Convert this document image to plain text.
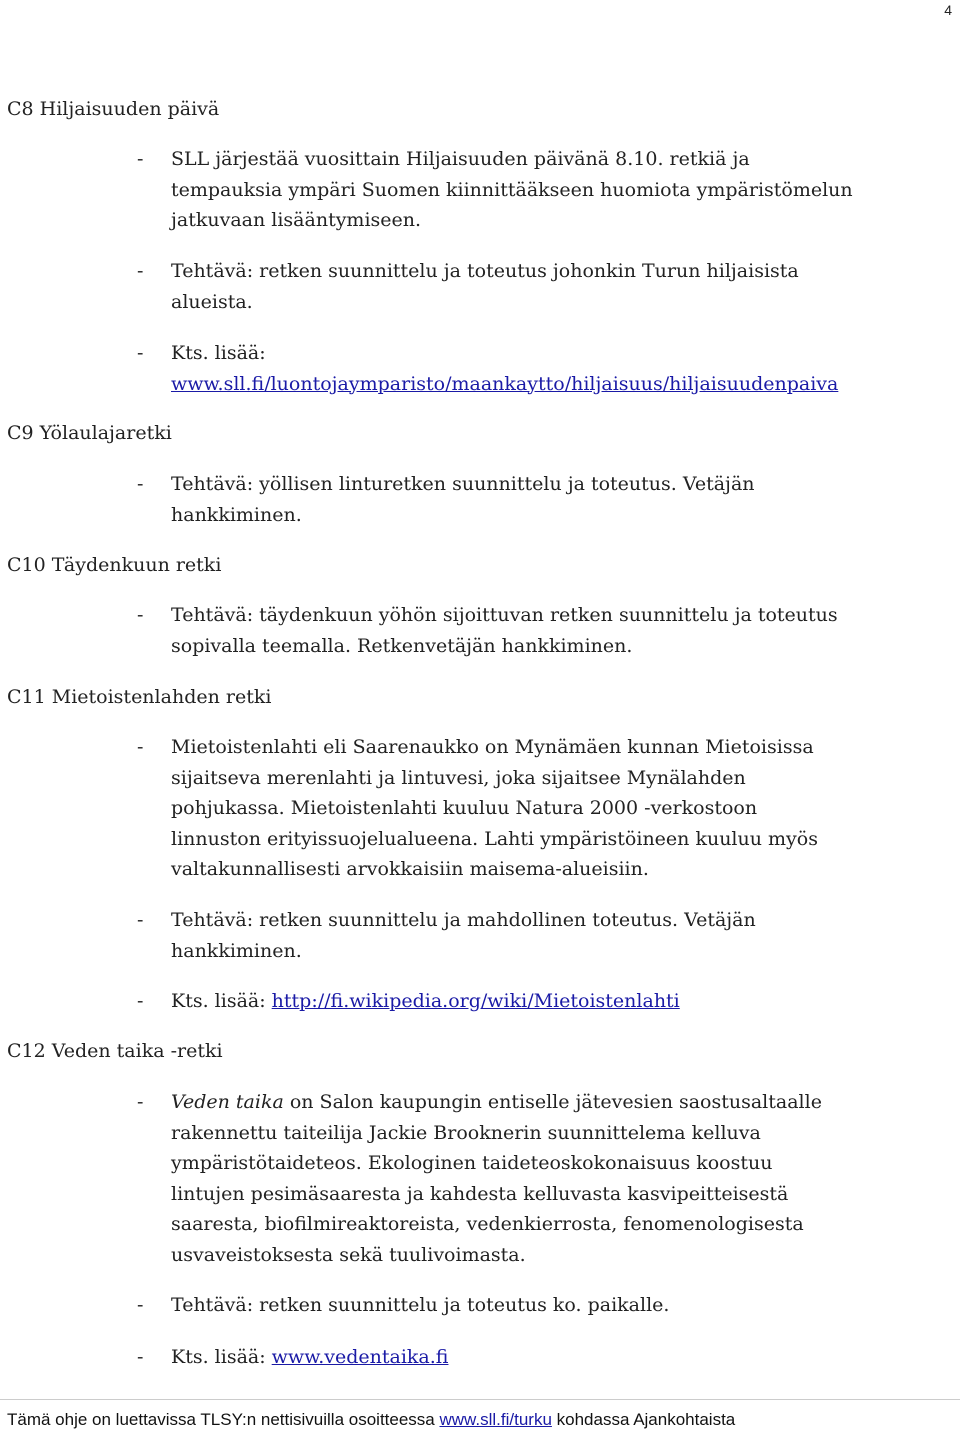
4
C8 Hiljaisuuden päivä
-	SLL järjestää vuosittain Hiljaisuuden päivänä 8.10. retkiä ja
tempauksia ympäri Suomen kiinnittääkseen huomiota ympäristömelun
jatkuvaan lisääntymiseen.
-	Tehtävä: retken suunnittelu ja toteutus johonkin Turun hiljaisista
alueista.
-	Kts. lisää:
www.sll.fi/luontojaymparisto/maankaytto/hiljaisuus/hiljaisuudenpaiva
C9 Yölaulajaretki
-	Tehtävä: yöllisen linturetken suunnittelu ja toteutus. Vetäjän
hankkiminen.
C10 Täydenkuun retki
-	Tehtävä: täydenkuun yöhön sijoittuvan retken suunnittelu ja toteutus
sopivalla teemalla. Retkenvetäjän hankkiminen.
C11 Mietoistenlahden retki
-	Mietoistenlahti eli Saarenaukko on Mynämäen kunnan Mietoisissa
sijaitseva merenlahti ja lintuvesi, joka sijaitsee Mynälahden
pohjukassa. Mietoistenlahti kuuluu Natura 2000 -verkostoon
linnuston erityissuojelualueena. Lahti ympäristöineen kuuluu myös
valtakunnallisesti arvokkaisiin maisema-alueisiin.
-	Tehtävä: retken suunnittelu ja mahdollinen toteutus. Vetäjän
hankkiminen.
-	Kts. lisää: http://fi.wikipedia.org/wiki/Mietoistenlahti
C12 Veden taika -retki
-	Veden taika on Salon kaupungin entiselle jätevesien saostusaltaalle
rakennettu taiteilija Jackie Brooknerin suunnittelema kelluva
ympäristötaideteos. Ekologinen taideteoskokonaisuus koostuu
lintujen pesimäsaaresta ja kahdesta kelluvasta kasvipeitteisestä
saaresta, biofilmireaktoreista, vedenkierrosta, fenomenologisesta
usvaveistoksesta sekä tuulivoimasta.
-	Tehtävä: retken suunnittelu ja toteutus ko. paikalle.
-	Kts. lisää: www.vedentaika.fi
Tämä ohje on luettavissa TLSY:n nettisivuilla osoitteessa www.sll.fi/turku kohdassa Ajankohtaista
